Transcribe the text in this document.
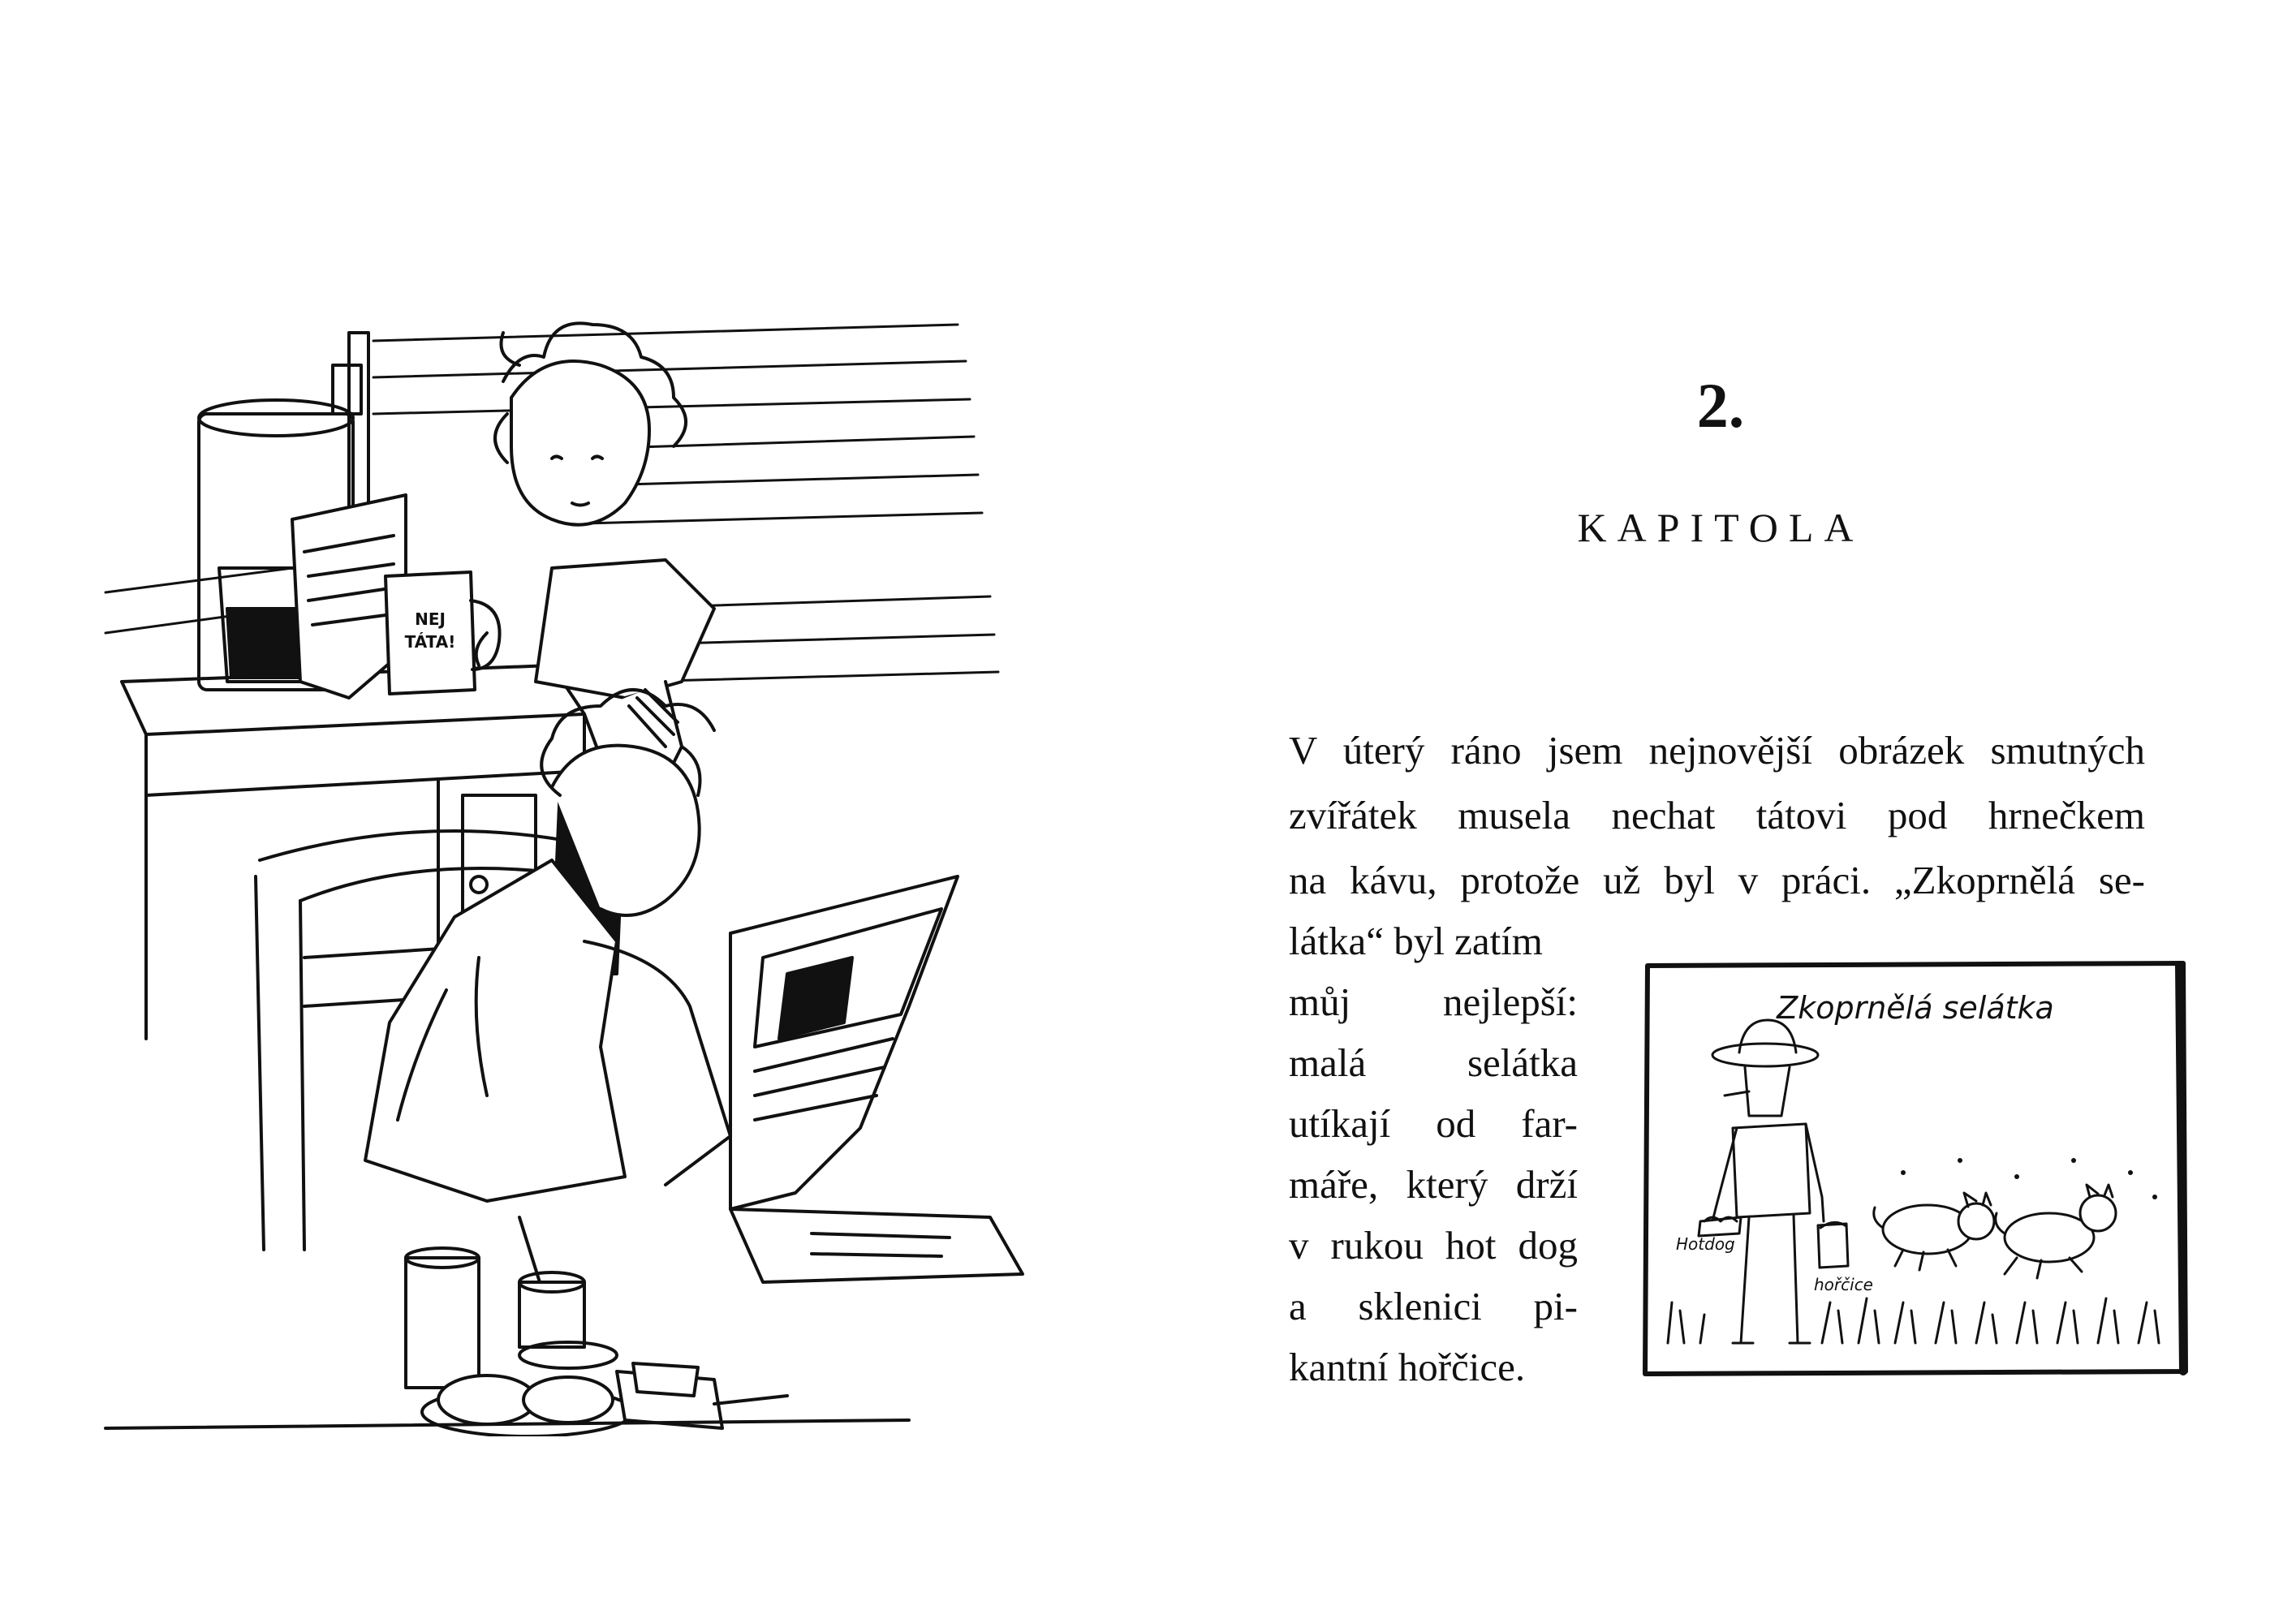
NEJ
TÁTA!
2.
KAPITOLA
V úterý ráno jsem nejnovější obrázek smutných
zvířátek musela nechat tátovi pod hrnečkem
na kávu, protože už byl v práci. „Zkoprnělá se-
látka“ byl zatím
můj nejlepší:
malá selátka
utíkají od far-
máře, který drží
v rukou hot dog
a sklenici pi-
kantní hořčice.
Zkoprnělá selátka
Hotdog
hořčice
